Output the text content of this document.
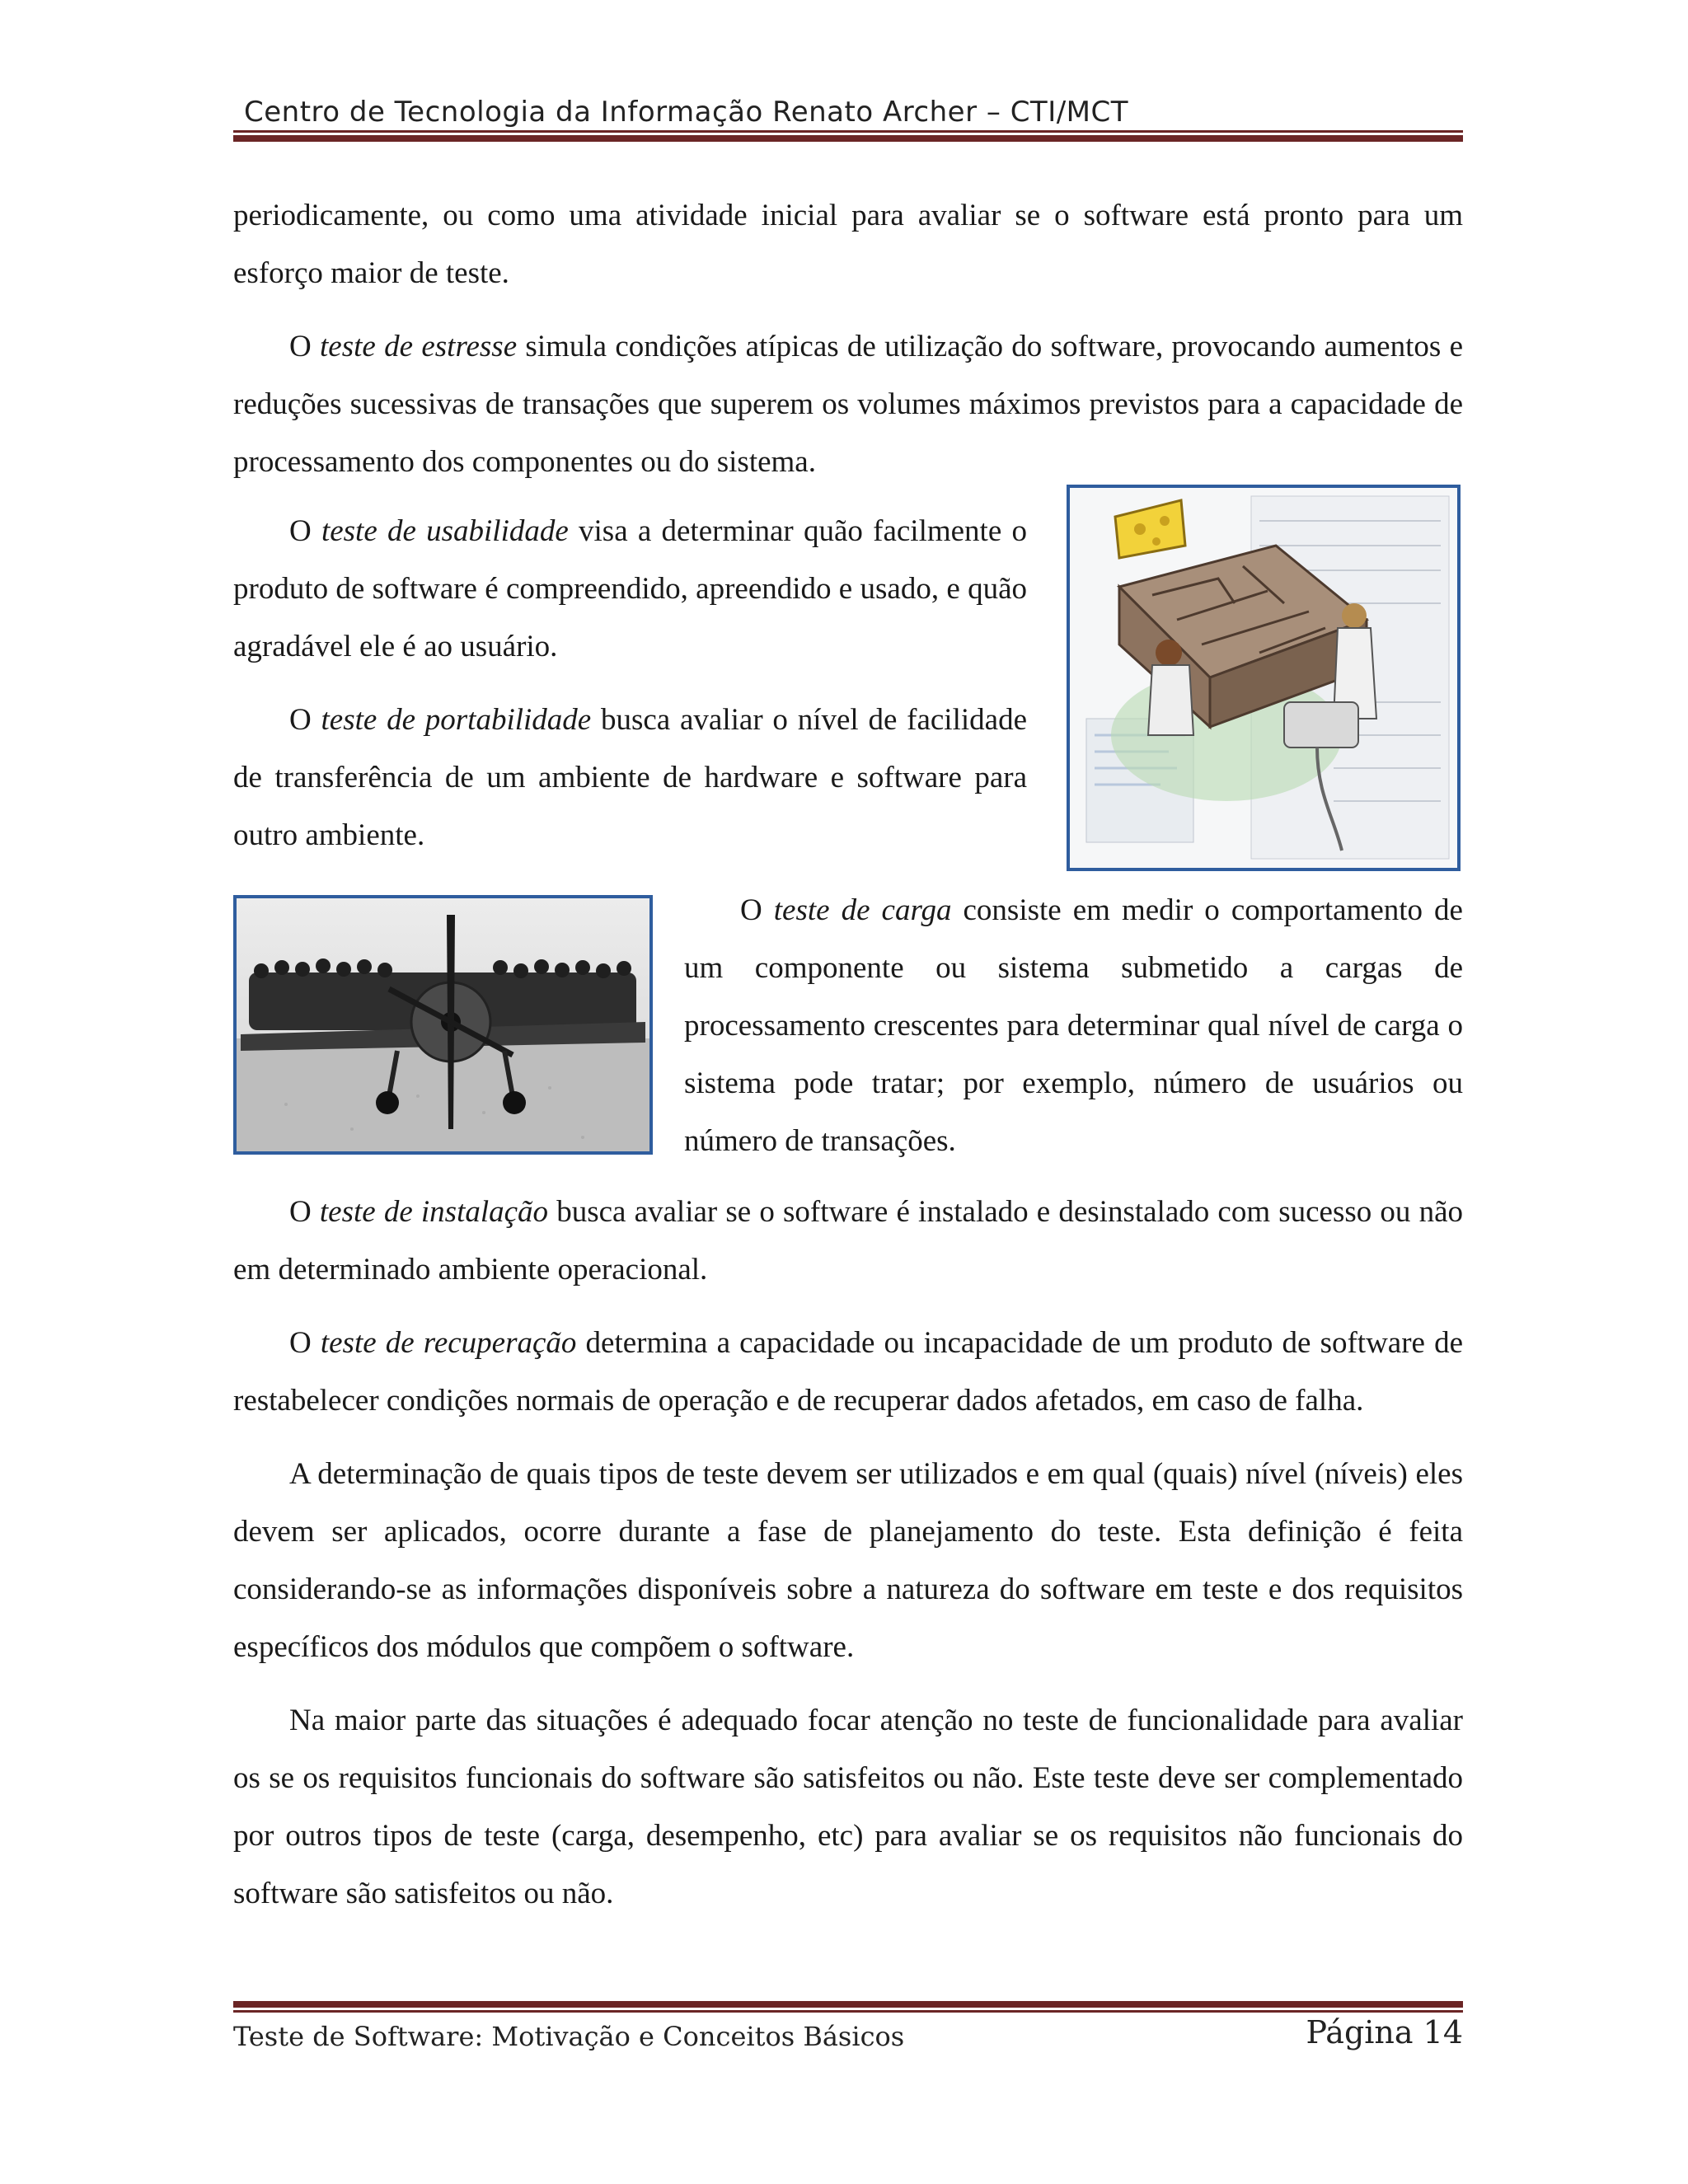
Centro de Tecnologia da Informação Renato Archer – CTI/MCT

periodicamente, ou como uma atividade inicial para avaliar se o software está pronto para um esforço maior de teste.

O teste de estresse simula condições atípicas de utilização do software, provocando aumentos e reduções sucessivas de transações que superem os volumes máximos previstos para a capacidade de processamento dos componentes ou do sistema.

O teste de usabilidade visa a determinar quão facilmente o produto de software é compreendido, apreendido e usado, e quão agradável ele é ao usuário.

O teste de portabilidade busca avaliar o nível de facilidade de transferência de um ambiente de hardware e software para outro ambiente.

O teste de carga consiste em medir o comportamento de um componente ou sistema submetido a cargas de processamento crescentes para determinar qual nível de carga o sistema pode tratar; por exemplo, número de usuários ou número de transações.

O teste de instalação busca avaliar se o software é instalado e desinstalado com sucesso ou não em determinado ambiente operacional.

O teste de recuperação determina a capacidade ou incapacidade de um produto de software de restabelecer condições normais de operação e de recuperar dados afetados, em caso de falha.

A determinação de quais tipos de teste devem ser utilizados e em qual (quais) nível (níveis) eles devem ser aplicados, ocorre durante a fase de planejamento do teste. Esta definição é feita considerando-se as informações disponíveis sobre a natureza do software em teste e dos requisitos específicos dos módulos que compõem o software.

Na maior parte das situações é adequado focar atenção no teste de funcionalidade para avaliar os se os requisitos funcionais do software são satisfeitos ou não. Este teste deve ser complementado por outros tipos de teste (carga, desempenho, etc) para avaliar se os requisitos não funcionais do software são satisfeitos ou não.

Teste de Software: Motivação e Conceitos Básicos	Página 14
